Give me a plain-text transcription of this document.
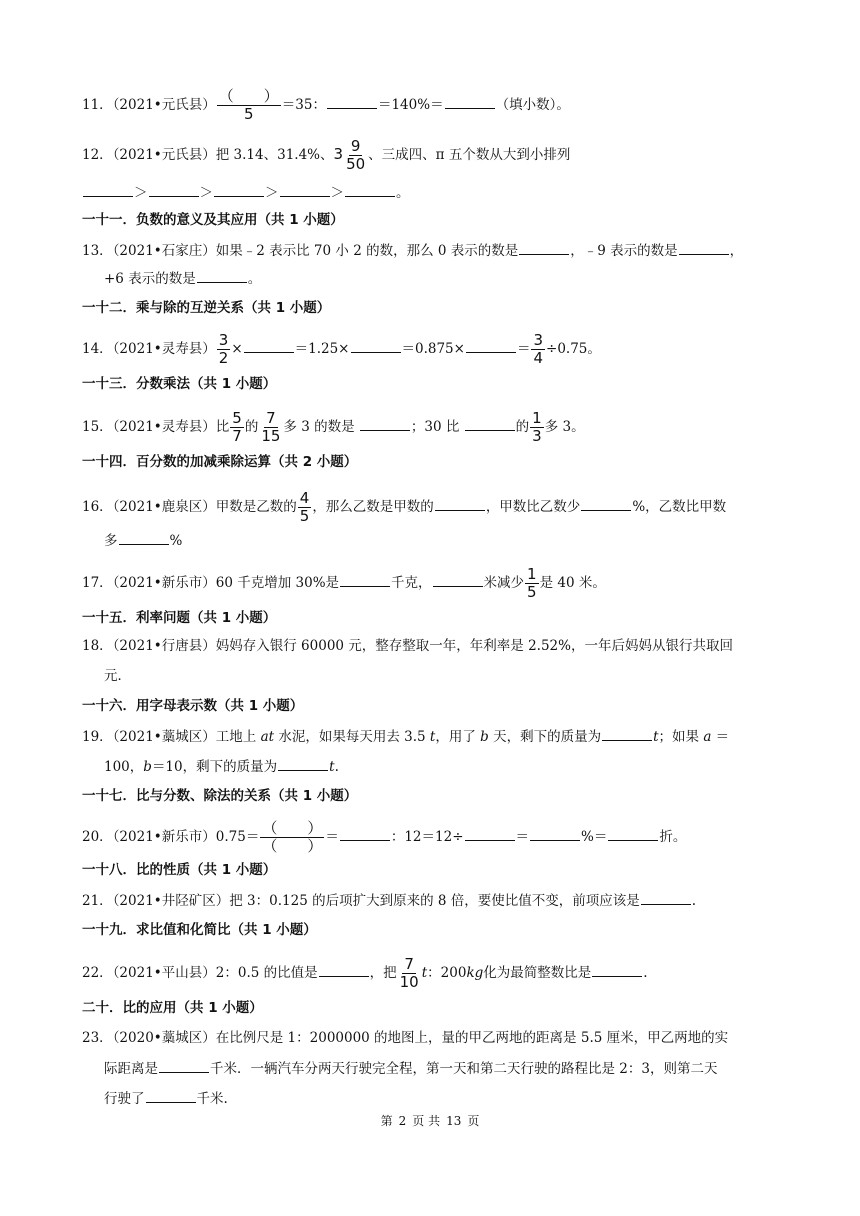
11．（2021•元氏县） $\frac{( )}{5} =35$：	＝140%＝	（填小数）。
12．（2021•元氏县）把 3.14、31.4%、$3 \frac{9}{50}$ 、三成四、π 五个数从大到小排列
＞	＞	＞	＞	。
一十一．负数的意义及其应用（共 1 小题）
13．（2021•石家庄）如果﹣2 表示比 70 小 2 的数，那么 0 表示的数是	，﹣9 表示的数是	，
+6 表示的数是	。
一十二．乘与除的互逆关系（共 1 小题）
14．（2021•灵寿县） $\frac{3}{2}$ ×	＝1.25×	＝0.875×	＝ $\frac{3}{4} \div 0.75$。
一十三．分数乘法（共 1 小题）
15．（2021•灵寿县）比 $\frac{5}{7}$ 的 $\frac{7}{15}$ 多 3 的数是	；30 比	的 $\frac{1}{3}$ 多 3。
一十四．百分数的加减乘除运算（共 2 小题）
16．（2021•鹿泉区）甲数是乙数的 $\frac{4}{5}$ ，那么乙数是甲数的	，甲数比乙数少	%，乙数比甲数
多	%
17．（2021•新乐市）60 千克增加 30%是	千克，	米减少 $\frac{1}{5}$ 是 40 米。
一十五．利率问题（共 1 小题）
18．（2021•行唐县）妈妈存入银行 60000 元，整存整取一年，年利率是 2.52%，一年后妈妈从银行共取回
元．
一十六．用字母表示数（共 1 小题）
19．（2021•藁城区）工地上 at 水泥，如果每天用去 3.5 t，用了 b 天，剩下的质量为	t；如果 a ＝
100，b＝10，剩下的质量为	t.
一十七．比与分数、除法的关系（共 1 小题）
20．（2021•新乐市）$0.75= \frac{( )}{( )}$ ＝	：12＝12÷	＝	%＝	折。
一十八．比的性质（共 1 小题）
21．（2021•井陉矿区）把 3：0.125 的后项扩大到原来的 8 倍，要使比值不变，前项应该是	.
一十九．求比值和化简比（共 1 小题）
22．（2021•平山县）2：0.5 的比值是	，把 $\frac{7}{10}$ t：200kg化为最简整数比是	.
二十．比的应用（共 1 小题）
23．（2020•藁城区）在比例尺是 1：2000000 的地图上，量的甲乙两地的距离是 5.5 厘米，甲乙两地的实
际距离是	千米．一辆汽车分两天行驶完全程，第一天和第二天行驶的路程比是 2：3，则第二天
行驶了	千米.
第 2 页 共 13 页
